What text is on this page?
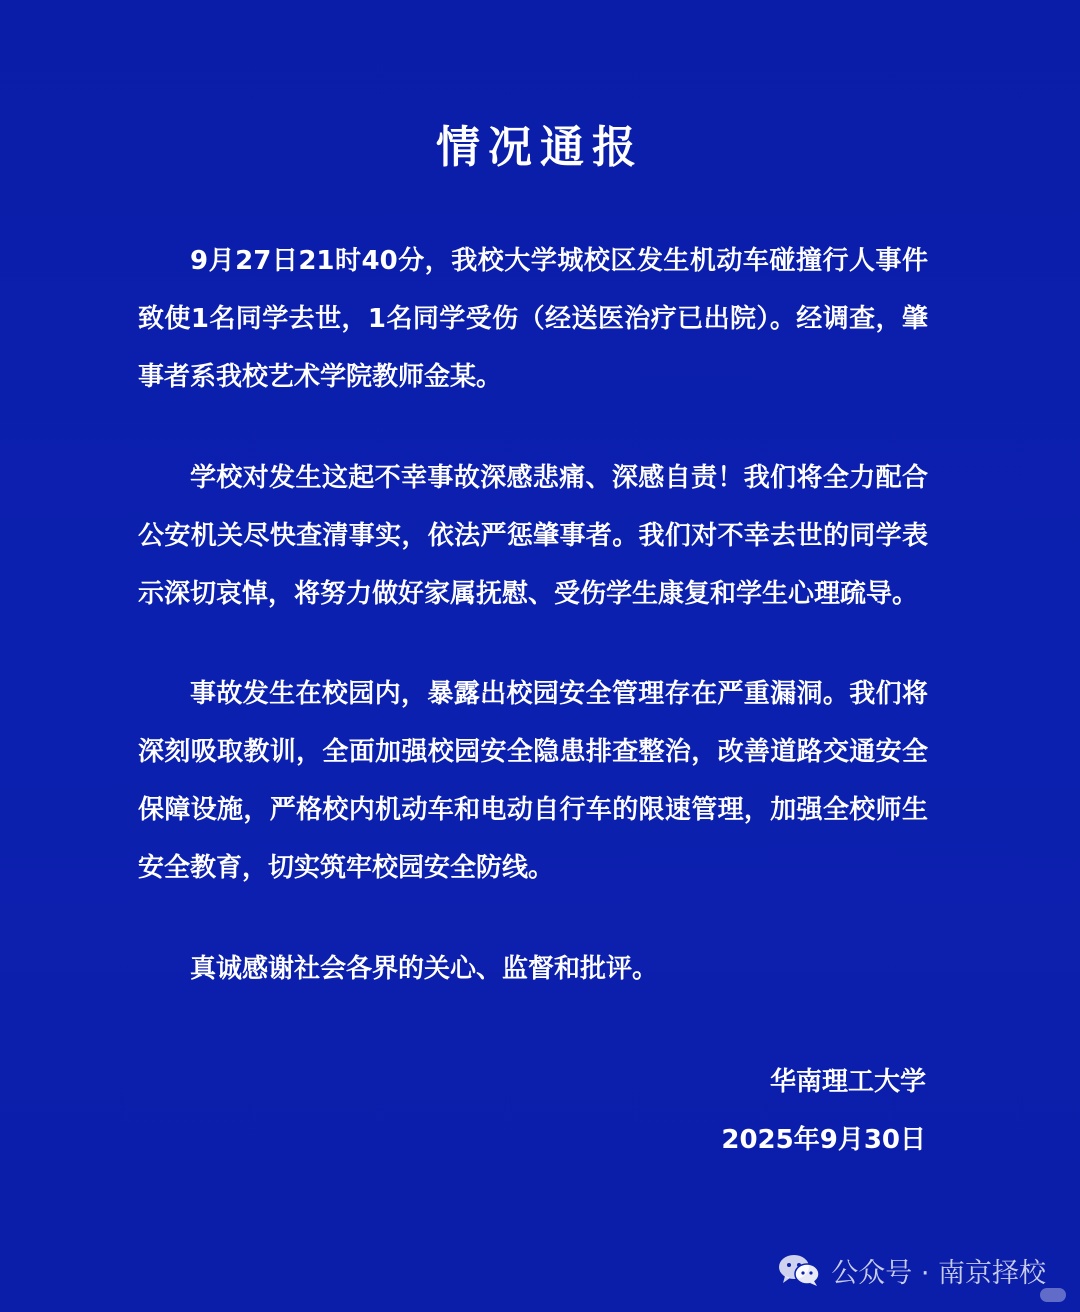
情况通报
9月27日21时40分，我校大学城校区发生机动车碰撞行人事件致使1名同学去世，1名同学受伤（经送医治疗已出院）。经调查，肇事者系我校艺术学院教师金某。
学校对发生这起不幸事故深感悲痛、深感自责！我们将全力配合公安机关尽快查清事实，依法严惩肇事者。我们对不幸去世的同学表示深切哀悼，将努力做好家属抚慰、受伤学生康复和学生心理疏导。
事故发生在校园内，暴露出校园安全管理存在严重漏洞。我们将深刻吸取教训，全面加强校园安全隐患排查整治，改善道路交通安全保障设施，严格校内机动车和电动自行车的限速管理，加强全校师生安全教育，切实筑牢校园安全防线。
真诚感谢社会各界的关心、监督和批评。
华南理工大学
2025年9月30日
公众号 · 南京择校
